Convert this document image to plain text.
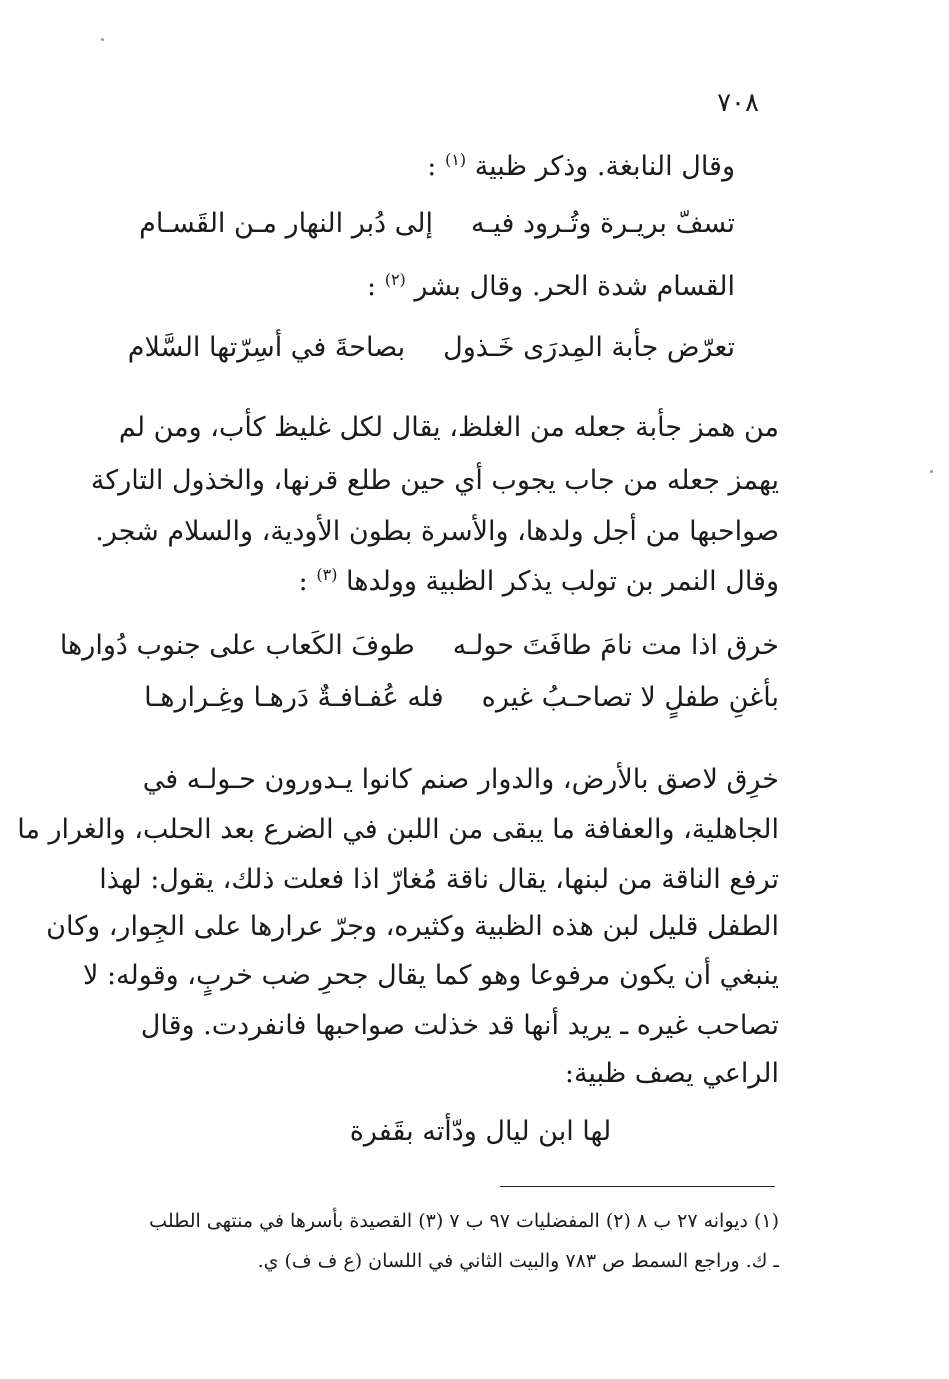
٧٠٨
وقال النابغة. وذكر ظبية $^{(١)}$ :
تسفّ بريـرة وتُـرود فيـه
إلى دُبر النهار مـن القَسـام
القسام شدة الحر. وقال بشر $^{(٢)}$ :
تعرّض جأبة المِدرَى خَـذول
بصاحةَ في أسِرّتها السَّلام
من همز جأبة جعله من الغلظ، يقال لكل غليظ كأب، ومن لم
يهمز جعله من جاب يجوب أي حين طلع قرنها، والخذول التاركة
صواحبها من أجل ولدها، والأسرة بطون الأودية، والسلام شجر.
وقال النمر بن تولب يذكر الظبية وولدها $^{(٣)}$ :
خرق اذا مت نامَ طافَتَ حولـه
طوفَ الكَعاب على جنوب دُوارها
بأغنِ طفلٍ لا تصاحـبُ غيره
فله عُفـافـةٌ دَرهـا وغِـرارهـا
خرِق لاصق بالأرض، والدوار صنم كانوا يـدورون حـولـه في
الجاهلية، والعفافة ما يبقى من اللبن في الضرع بعد الحلب، والغرار ما
ترفع الناقة من لبنها، يقال ناقة مُغارّ اذا فعلت ذلك، يقول: لهذا
الطفل قليل لبن هذه الظبية وكثيره، وجرّ عرارها على الجِوار، وكان
ينبغي أن يكون مرفوعا وهو كما يقال جحرِ ضب خربٍ، وقوله: لا
تصاحب غيره ـ يريد أنها قد خذلت صواحبها فانفردت. وقال
الراعي يصف ظبية:
لها ابن ليال ودّأته بقَفرة
(١) ديوانه ٢٧ ب ٨ (٢) المفضليات ٩٧ ب ٧ (٣) القصيدة بأسرها في منتهى الطلب
ـ ك. وراجع السمط ص ٧٨٣ والبيت الثاني في اللسان (ع ف ف) ي.
